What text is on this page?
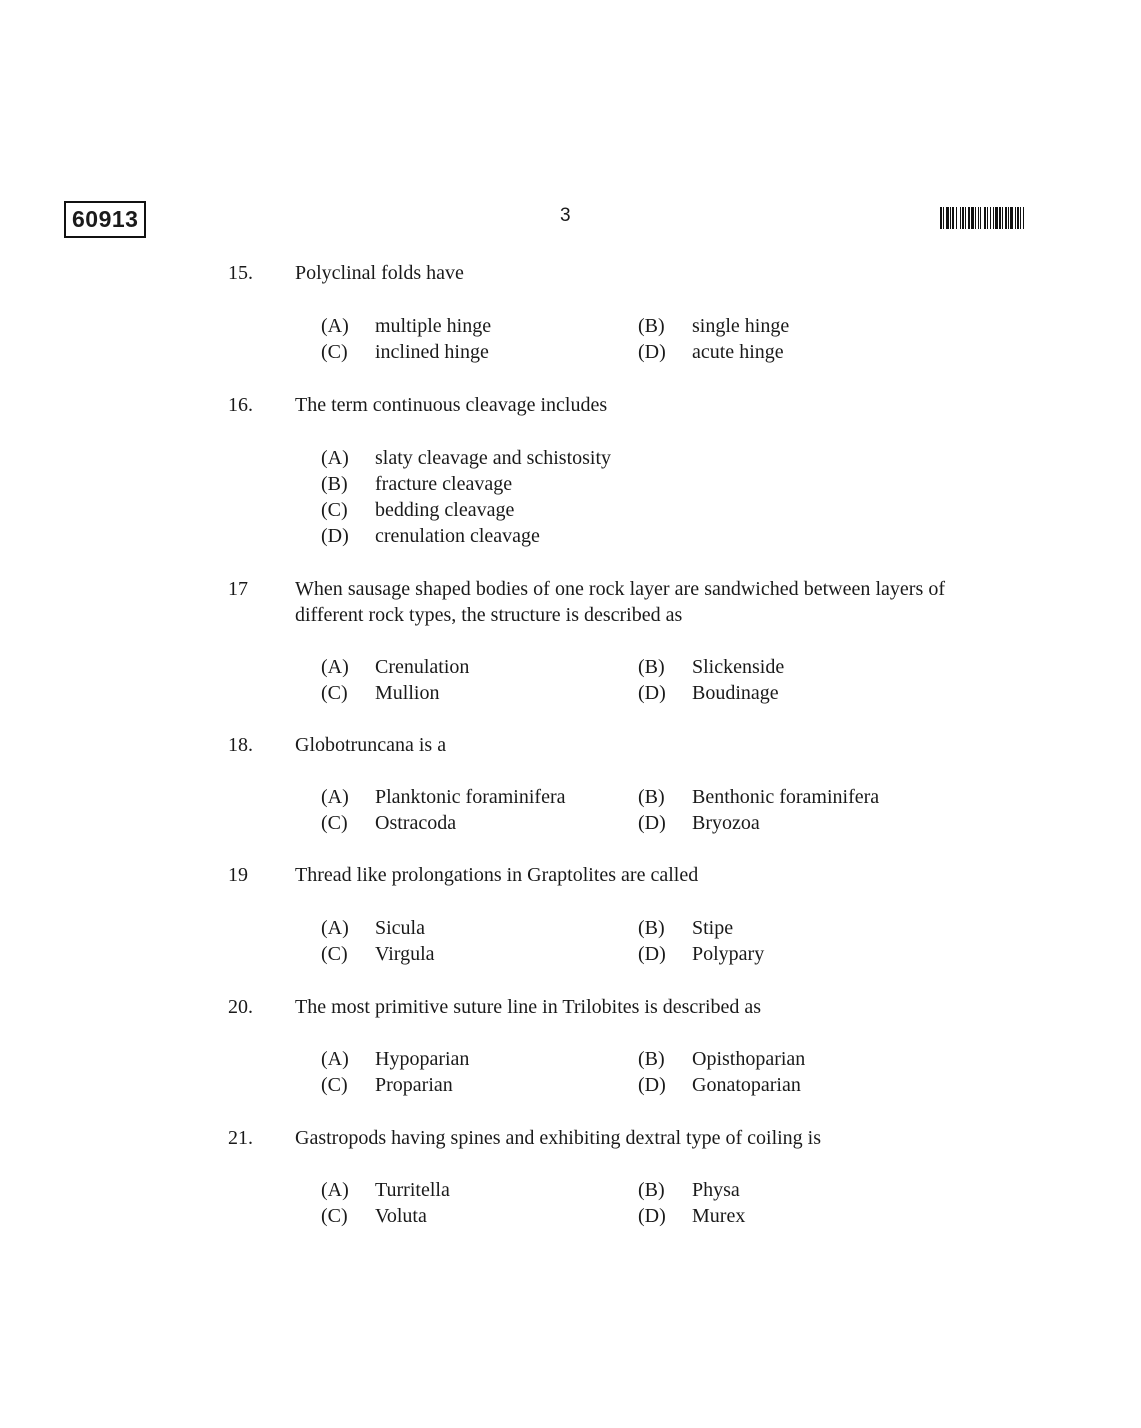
60913	3
15. Polyclinal folds have
(A) multiple hinge	(B) single hinge
(C) inclined hinge	(D) acute hinge
16. The term continuous cleavage includes
(A) slaty cleavage and schistosity
(B) fracture cleavage
(C) bedding cleavage
(D) crenulation cleavage
17 When sausage shaped bodies of one rock layer are sandwiched between layers of different rock types, the structure is described as
(A) Crenulation	(B) Slickenside
(C) Mullion	(D) Boudinage
18. Globotruncana is a
(A) Planktonic foraminifera	(B) Benthonic foraminifera
(C) Ostracoda	(D) Bryozoa
19 Thread like prolongations in Graptolites are called
(A) Sicula	(B) Stipe
(C) Virgula	(D) Polypary
20. The most primitive suture line in Trilobites is described as
(A) Hypoparian	(B) Opisthoparian
(C) Proparian	(D) Gonatoparian
21. Gastropods having spines and exhibiting dextral type of coiling is
(A) Turritella	(B) Physa
(C) Voluta	(D) Murex
